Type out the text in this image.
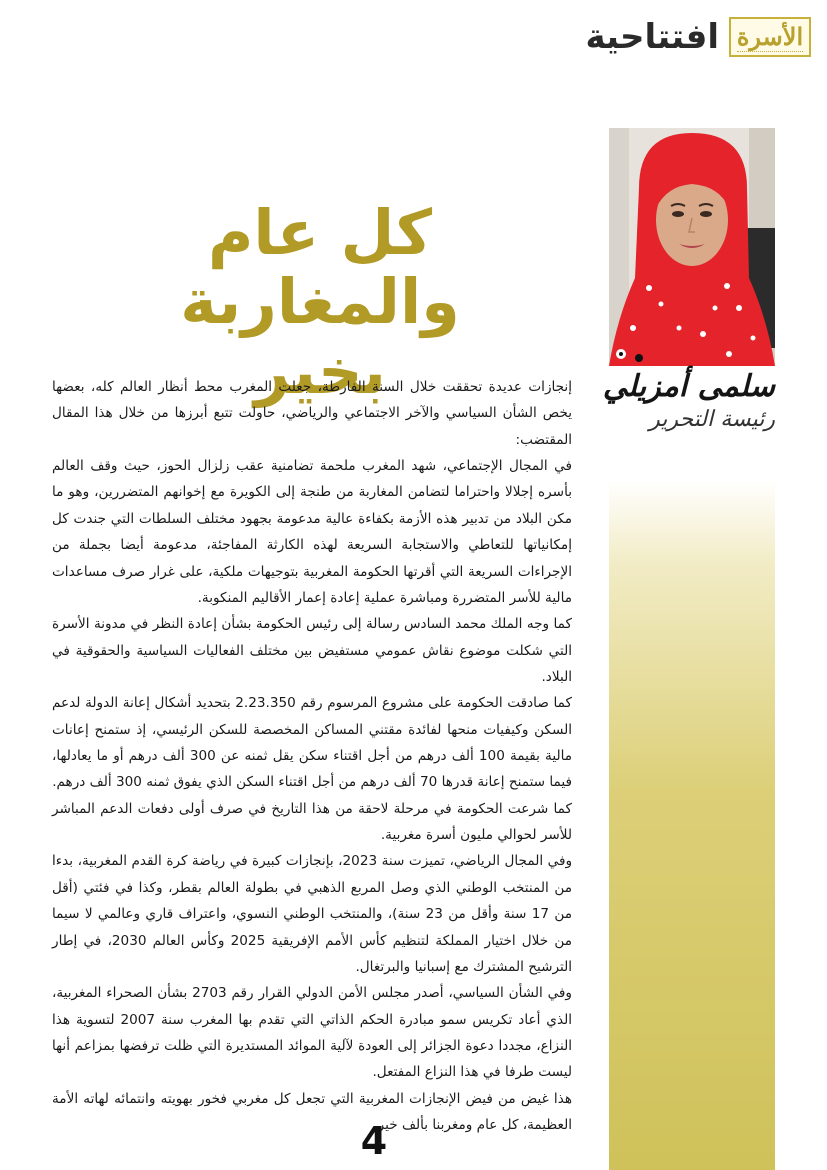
الأسرة
افتتاحية
سلمى أمزيلي
رئيسة التحرير
كل عام
والمغاربة بخير

إنجازات عديدة تحققت خلال السنة الفارطة، جعلت المغرب محط أنظار العالم كله، بعضها يخص الشأن السياسي والآخر الاجتماعي والرياضي، حاولت تتبع أبرزها من خلال هذا المقال المقتضب:

في المجال الإجتماعي، شهد المغرب ملحمة تضامنية عقب زلزال الحوز، حيث وقف العالم بأسره إجلالا واحتراما لتضامن المغاربة من طنجة إلى الكويرة مع إخوانهم المتضررين، وهو ما مكن البلاد من تدبير هذه الأزمة بكفاءة عالية مدعومة بجهود مختلف السلطات التي جندت كل إمكانياتها للتعاطي والاستجابة السريعة لهذه الكارثة المفاجئة، مدعومة أيضا بجملة من الإجراءات السريعة التي أقرتها الحكومة المغربية بتوجيهات ملكية، على غرار صرف مساعدات مالية للأسر المتضررة ومباشرة عملية إعادة إعمار الأقاليم المنكوبة.

كما وجه الملك محمد السادس رسالة إلى رئيس الحكومة بشأن إعادة النظر في مدونة الأسرة التي شكلت موضوع نقاش عمومي مستفيض بين مختلف الفعاليات السياسية والحقوقية في البلاد.

كما صادقت الحكومة على مشروع المرسوم رقم 2.23.350 بتحديد أشكال إعانة الدولة لدعم السكن وكيفيات منحها لفائدة مقتني المساكن المخصصة للسكن الرئيسي، إذ ستمنح إعانات مالية بقيمة 100 ألف درهم من أجل اقتناء سكن يقل ثمنه عن 300 ألف درهم أو ما يعادلها، فيما ستمنح إعانة قدرها 70 ألف درهم من أجل اقتناء السكن الذي يفوق ثمنه 300 ألف درهم.

كما شرعت الحكومة في مرحلة لاحقة من هذا التاريخ في صرف أولى دفعات الدعم المباشر للأسر لحوالي مليون أسرة مغربية.

وفي المجال الرياضي، تميزت سنة 2023، بإنجازات كبيرة في رياضة كرة القدم المغربية، بدءا من المنتخب الوطني الذي وصل المربع الذهبي في بطولة العالم بقطر، وكذا في فئتي (أقل من 17 سنة وأقل من 23 سنة)، والمنتخب الوطني النسوي، واعتراف قاري وعالمي لا سيما من خلال اختيار المملكة لتنظيم كأس الأمم الإفريقية 2025 وكأس العالم 2030، في إطار الترشيح المشترك مع إسبانيا والبرتغال.

وفي الشأن السياسي، أصدر مجلس الأمن الدولي القرار رقم 2703 بشأن الصحراء المغربية، الذي أعاد تكريس سمو مبادرة الحكم الذاتي التي تقدم بها المغرب سنة 2007 لتسوية هذا النزاع، مجددا دعوة الجزائر إلى العودة لآلية الموائد المستديرة التي ظلت ترفضها بمزاعم أنها ليست طرفا في هذا النزاع المفتعل.

هذا غيض من فيض الإنجازات المغربية التي تجعل كل مغربي فخور بهويته وانتمائه لهاته الأمة العظيمة، كل عام ومغربنا بألف خير.

4
